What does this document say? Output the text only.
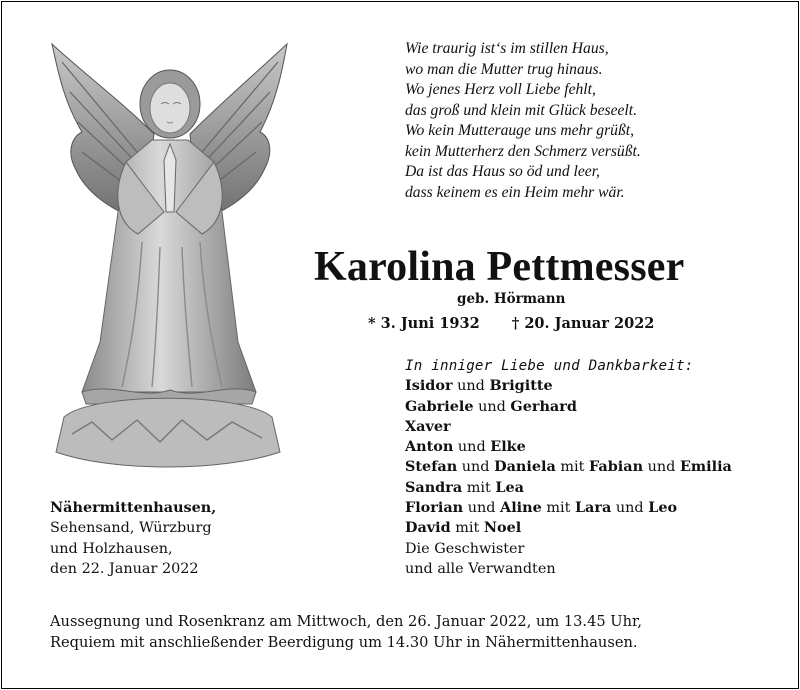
Wie traurig ist‘s im stillen Haus,
wo man die Mutter trug hinaus.
Wo jenes Herz voll Liebe fehlt,
das groß und klein mit Glück beseelt.
Wo kein Mutterauge uns mehr grüßt,
kein Mutterherz den Schmerz versüßt.
Da ist das Haus so öd und leer,
dass keinem es ein Heim mehr wär.
Karolina Pettmesser
geb. Hörmann
* 3. Juni 1932 † 20. Januar 2022
In inniger Liebe und Dankbarkeit:
Isidor und Brigitte
Gabriele und Gerhard
Xaver
Anton und Elke
Stefan und Daniela mit Fabian und Emilia
Sandra mit Lea
Florian und Aline mit Lara und Leo
David mit Noel
Die Geschwister
und alle Verwandten
Nähermittenhausen,
Sehensand, Würzburg
und Holzhausen,
den 22. Januar 2022
Aussegnung und Rosenkranz am Mittwoch, den 26. Januar 2022, um 13.45 Uhr,
Requiem mit anschließender Beerdigung um 14.30 Uhr in Nähermittenhausen.
